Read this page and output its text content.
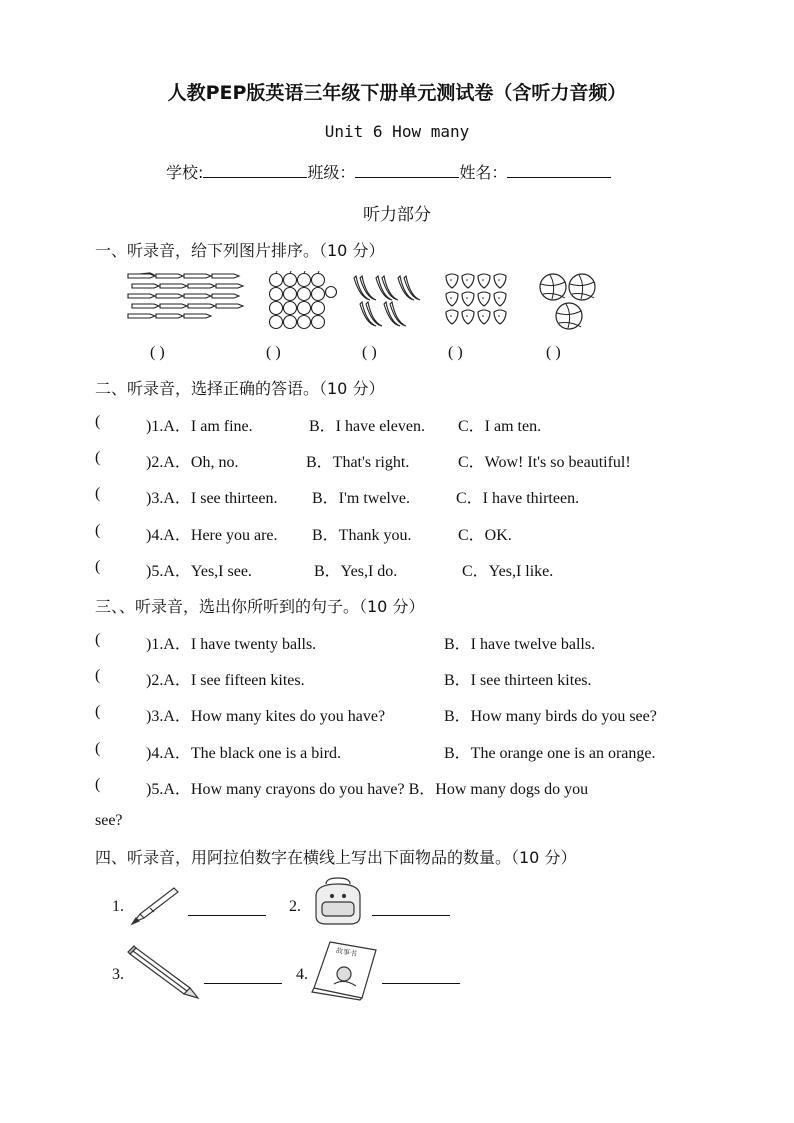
人教PEP版英语三年级下册单元测试卷（含听力音频）
Unit 6 How many
学校:	班级：	姓名：
听力部分
一、听录音，给下列图片排序。（10 分）
( )	( )	( )	( )	( )
二、听录音，选择正确的答语。（10 分）
(	)1.A．I am fine.	B．I have eleven. C．I am ten.
(	)2.A．Oh, no.	B．That's right.	C．Wow! It's so beautiful!
(	)3.A．I see thirteen. B．I'm twelve.	C．I have thirteen.
(	)4.A．Here you are. B．Thank you.	C．OK.
(	)5.A．Yes,I see.	B．Yes,I do.	C．Yes,I like.
三、、听录音，选出你所听到的句子。（10 分）
(	)1.A．I have twenty balls.	B．I have twelve balls.
(	)2.A．I see fifteen kites.	B．I see thirteen kites.
(	)3.A．How many kites do you have?	B．How many birds do you see?
(	)4.A．The black one is a bird.	B．The orange one is an orange.
(	)5.A．How many crayons do you have? B．How many dogs do you
see?
四、听录音，用阿拉伯数字在横线上写出下面物品的数量。（10 分）
1.	2.
3.	4.
故事书
